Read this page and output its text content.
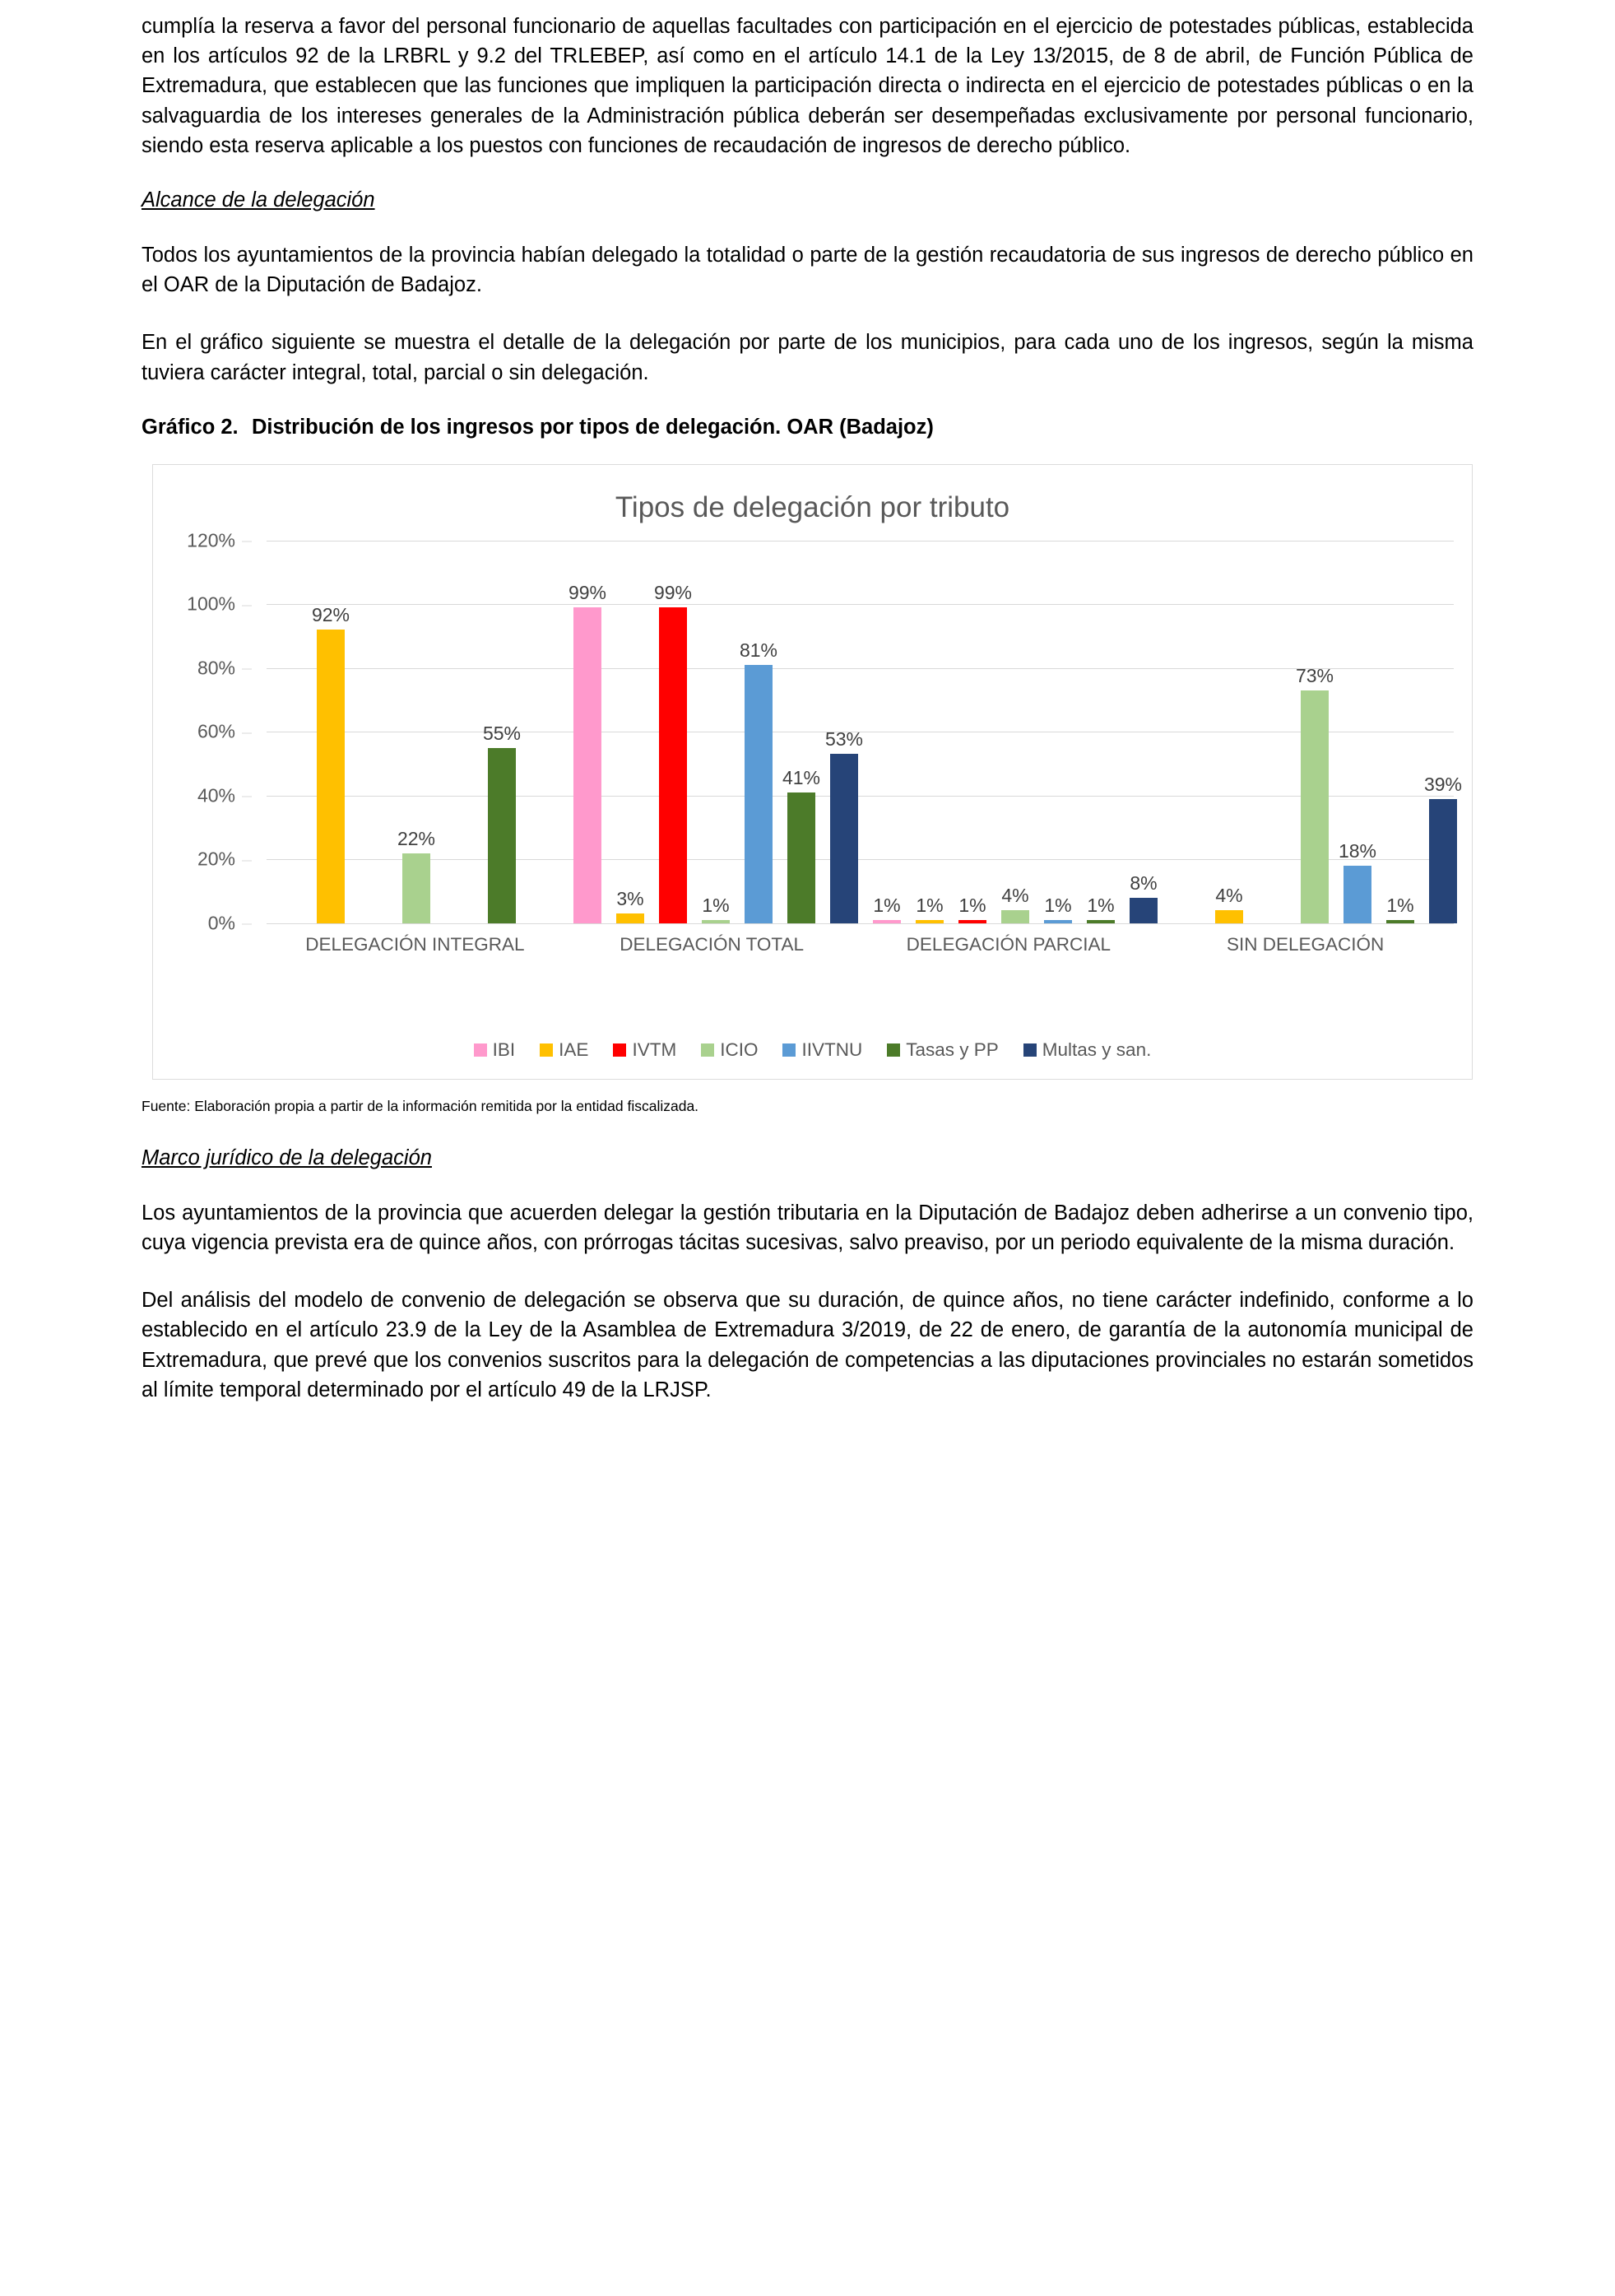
cumplía la reserva a favor del personal funcionario de aquellas facultades con participación en el ejercicio de potestades públicas, establecida en los artículos 92 de la LRBRL y 9.2 del TRLEBEP, así como en el artículo 14.1 de la Ley 13/2015, de 8 de abril, de Función Pública de Extremadura, que establecen que las funciones que impliquen la participación directa o indirecta en el ejercicio de potestades públicas o en la salvaguardia de los intereses generales de la Administración pública deberán ser desempeñadas exclusivamente por personal funcionario, siendo esta reserva aplicable a los puestos con funciones de recaudación de ingresos de derecho público.

Alcance de la delegación

Todos los ayuntamientos de la provincia habían delegado la totalidad o parte de la gestión recaudatoria de sus ingresos de derecho público en el OAR de la Diputación de Badajoz.

En el gráfico siguiente se muestra el detalle de la delegación por parte de los municipios, para cada uno de los ingresos, según la misma tuviera carácter integral, total, parcial o sin delegación.

Gráfico 2. Distribución de los ingresos por tipos de delegación. OAR (Badajoz)
Tipos de delegación por tributo
120%
100%
80%
60%
40%
20%
0%
92%
22%
55%
99%
3%
99%
1%
81%
41%
53%
1% 1% 1% 4% 1% 1%
8%
4%
73%
18%
1%
39%
DELEGACIÓN INTEGRAL	DELEGACIÓN TOTAL	DELEGACIÓN PARCIAL	SIN DELEGACIÓN
IBI IAE IVTM ICIO IIVTNU Tasas y PP Multas y san.
Fuente: Elaboración propia a partir de la información remitida por la entidad fiscalizada.
Marco jurídico de la delegación

Los ayuntamientos de la provincia que acuerden delegar la gestión tributaria en la Diputación de Badajoz deben adherirse a un convenio tipo, cuya vigencia prevista era de quince años, con prórrogas tácitas sucesivas, salvo preaviso, por un periodo equivalente de la misma duración.

Del análisis del modelo de convenio de delegación se observa que su duración, de quince años, no tiene carácter indefinido, conforme a lo establecido en el artículo 23.9 de la Ley de la Asamblea de Extremadura 3/2019, de 22 de enero, de garantía de la autonomía municipal de Extremadura, que prevé que los convenios suscritos para la delegación de competencias a las diputaciones provinciales no estarán sometidos al límite temporal determinado por el artículo 49 de la LRJSP.
